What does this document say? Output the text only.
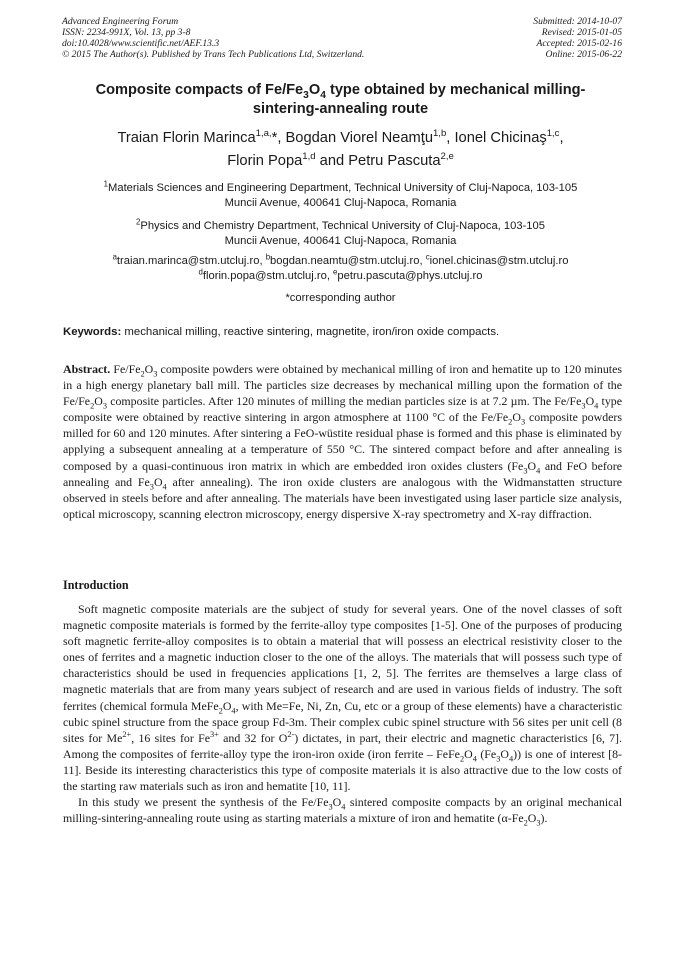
Advanced Engineering Forum
ISSN: 2234-991X, Vol. 13, pp 3-8
doi:10.4028/www.scientific.net/AEF.13.3
© 2015 The Author(s). Published by Trans Tech Publications Ltd, Switzerland.
Submitted: 2014-10-07
Revised: 2015-01-05
Accepted: 2015-02-16
Online: 2015-06-22
Composite compacts of $Fe/Fe_3O_4$ type obtained by mechanical milling-
sintering-annealing route
Traian Florin Marinca$^{1,a,}$*, Bogdan Viorel Neamţu$^{1,b}$, Ionel Chicinaş$^{1,c}$,
Florin Popa$^{1,d}$ and Petru Pascuta$^{2,e}$
$^1$Materials Sciences and Engineering Department, Technical University of Cluj-Napoca, 103-105
Muncii Avenue, 400641 Cluj-Napoca, Romania
$^2$Physics and Chemistry Department, Technical University of Cluj-Napoca, 103-105
Muncii Avenue, 400641 Cluj-Napoca, Romania
$^a$traian.marinca@stm.utcluj.ro, $^b$bogdan.neamtu@stm.utcluj.ro, $^c$ionel.chicinas@stm.utcluj.ro
$^d$florin.popa@stm.utcluj.ro, $^e$petru.pascuta@phys.utcluj.ro
*corresponding author
Keywords: mechanical milling, reactive sintering, magnetite, iron/iron oxide compacts.
Abstract. $Fe/Fe_2O_3$ composite powders were obtained by mechanical milling of iron and hematite up to 120 minutes in a high energy planetary ball mill. The particles size decreases by mechanical milling upon the formation of the $Fe/Fe_2O_3$ composite particles. After 120 minutes of milling the median particles size is at 7.2 µm. The $Fe/Fe_3O_4$ type composite were obtained by reactive sintering in argon atmosphere at 1100 °C of the $Fe/Fe_2O_3$ composite powders milled for 60 and 120 minutes. After sintering a FeO-wüstite residual phase is formed and this phase is eliminated by applying a subsequent annealing at a temperature of 550 °C. The sintered compact before and after annealing is composed by a quasi-continuous iron matrix in which are embedded iron oxides clusters ($Fe_3O_4$ and FeO before annealing and $Fe_3O_4$ after annealing). The iron oxide clusters are analogous with the Widmanstatten structure observed in steels before and after annealing. The materials have been investigated using laser particle size analysis, optical microscopy, scanning electron microscopy, energy dispersive X-ray spectrometry and X-ray diffraction.
Introduction

Soft magnetic composite materials are the subject of study for several years. One of the novel classes of soft magnetic composite materials is formed by the ferrite-alloy type composites [1-5]. One of the purposes of producing soft magnetic ferrite-alloy composites is to obtain a material that will possess an electrical resistivity closer to the ones of ferrites and a magnetic induction closer to the one of the alloys. The materials that will possess such type of characteristics should be used in frequencies applications [1, 2, 5]. The ferrites are themselves a large class of magnetic materials that are from many years subject of research and are used in various fields of industry. The soft ferrites (chemical formula $MeFe_2O_4$, with Me=Fe, Ni, Zn, Cu, etc or a group of these elements) have a characteristic cubic spinel structure from the space group Fd-3m. Their complex cubic spinel structure with 56 sites per unit cell (8 sites for $Me^{2+}$, 16 sites for $Fe^{3+}$ and 32 for $O^{2-}$) dictates, in part, their electric and magnetic characteristics [6, 7]. Among the composites of ferrite-alloy type the iron-iron oxide (iron ferrite – $FeFe_2O_4$ $(Fe_3O_4)$) is one of interest [8-11]. Beside its interesting characteristics this type of composite materials it is also attractive due to the low costs of the starting raw materials such as iron and hematite [10, 11].

In this study we present the synthesis of the $Fe/Fe_3O_4$ sintered composite compacts by an original mechanical milling-sintering-annealing route using as starting materials a mixture of iron and hematite $(\alpha-Fe_2O_3)$.
